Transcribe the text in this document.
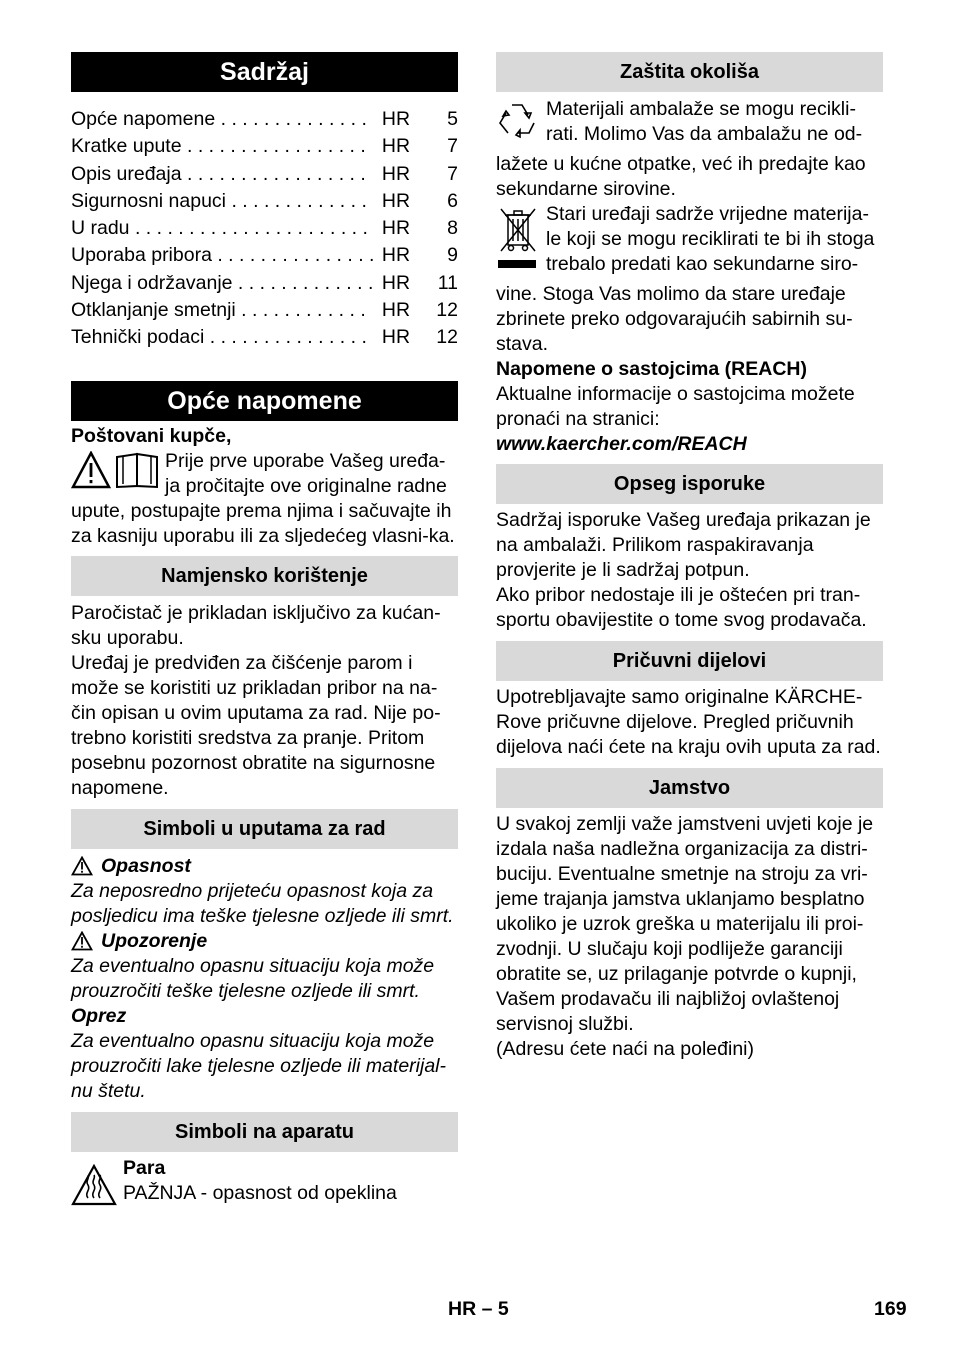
Sadržaj
Opće napomene . . .	HR	5
Kratke upute . . .	HR	7
Opis uređaja . . .	HR	7
Sigurnosni napuci . . .	HR	6
U radu . . .	HR	8
Uporaba pribora . . .	HR	9
Njega i održavanje . . .	HR	11
Otklanjanje smetnji . . .	HR	12
Tehnički podaci . . .	HR	12
Opće napomene

Poštovani kupče,

Prije prve uporabe Vašeg uređa-

ja pročitajte ove originalne radne

upute, postupajte prema njima i sačuvajte ih za kasniju uporabu ili za sljedećeg vlasni-ka.

Namjensko korištenje

Paročistač je prikladan isključivo za kućan-sku uporabu.

Uređaj je predviđen za čišćenje parom i može se koristiti uz prikladan pribor na na-čin opisan u ovim uputama za rad. Nije po-trebno koristiti sredstva za pranje. Pritom posebnu pozornost obratite na sigurnosne napomene.

Simboli u uputama za rad
Opasnost

Za neposredno prijeteću opasnost koja za posljedicu ima teške tjelesne ozljede ili smrt.

Upozorenje

Za eventualno opasnu situaciju koja može prouzročiti teške tjelesne ozljede ili smrt.

Oprez

Za eventualno opasnu situaciju koja može prouzročiti lake tjelesne ozljede ili materijal-nu štetu.

Simboli na aparatu

Para

PAŽNJA - opasnost od opeklina

Zaštita okoliša

Materijali ambalaže se mogu recikli-

rati. Molimo Vas da ambalažu ne od-

lažete u kućne otpatke, već ih predajte kao sekundarne sirovine.

Stari uređaji sadrže vrijedne materija-

le koji se mogu reciklirati te bi ih stoga

trebalo predati kao sekundarne siro-

vine. Stoga Vas molimo da stare uređaje zbrinete preko odgovarajućih sabirnih su-stava.

Napomene o sastojcima (REACH)

Aktualne informacije o sastojcima možete pronaći na stranici:

www.kaercher.com/REACH

Opseg isporuke

Sadržaj isporuke Vašeg uređaja prikazan je na ambalaži. Prilikom raspakiravanja provjerite je li sadržaj potpun.

Ako pribor nedostaje ili je oštećen pri tran-sportu obavijestite o tome svog prodavača.

Pričuvni dijelovi

Upotrebljavajte samo originalne KÄRCHE-Rove pričuvne dijelove. Pregled pričuvnih dijelova naći ćete na kraju ovih uputa za rad.

Jamstvo

U svakoj zemlji važe jamstveni uvjeti koje je izdala naša nadležna organizacija za distri-buciju. Eventualne smetnje na stroju za vri-jeme trajanja jamstva uklanjamo besplatno ukoliko je uzrok greška u materijalu ili proi-zvodnji. U slučaju koji podliježe garanciji obratite se, uz prilaganje potvrde o kupnji, Vašem prodavaču ili najbližoj ovlaštenoj servisnoj službi.

(Adresu ćete naći na poleđini)

HR – 5	169
